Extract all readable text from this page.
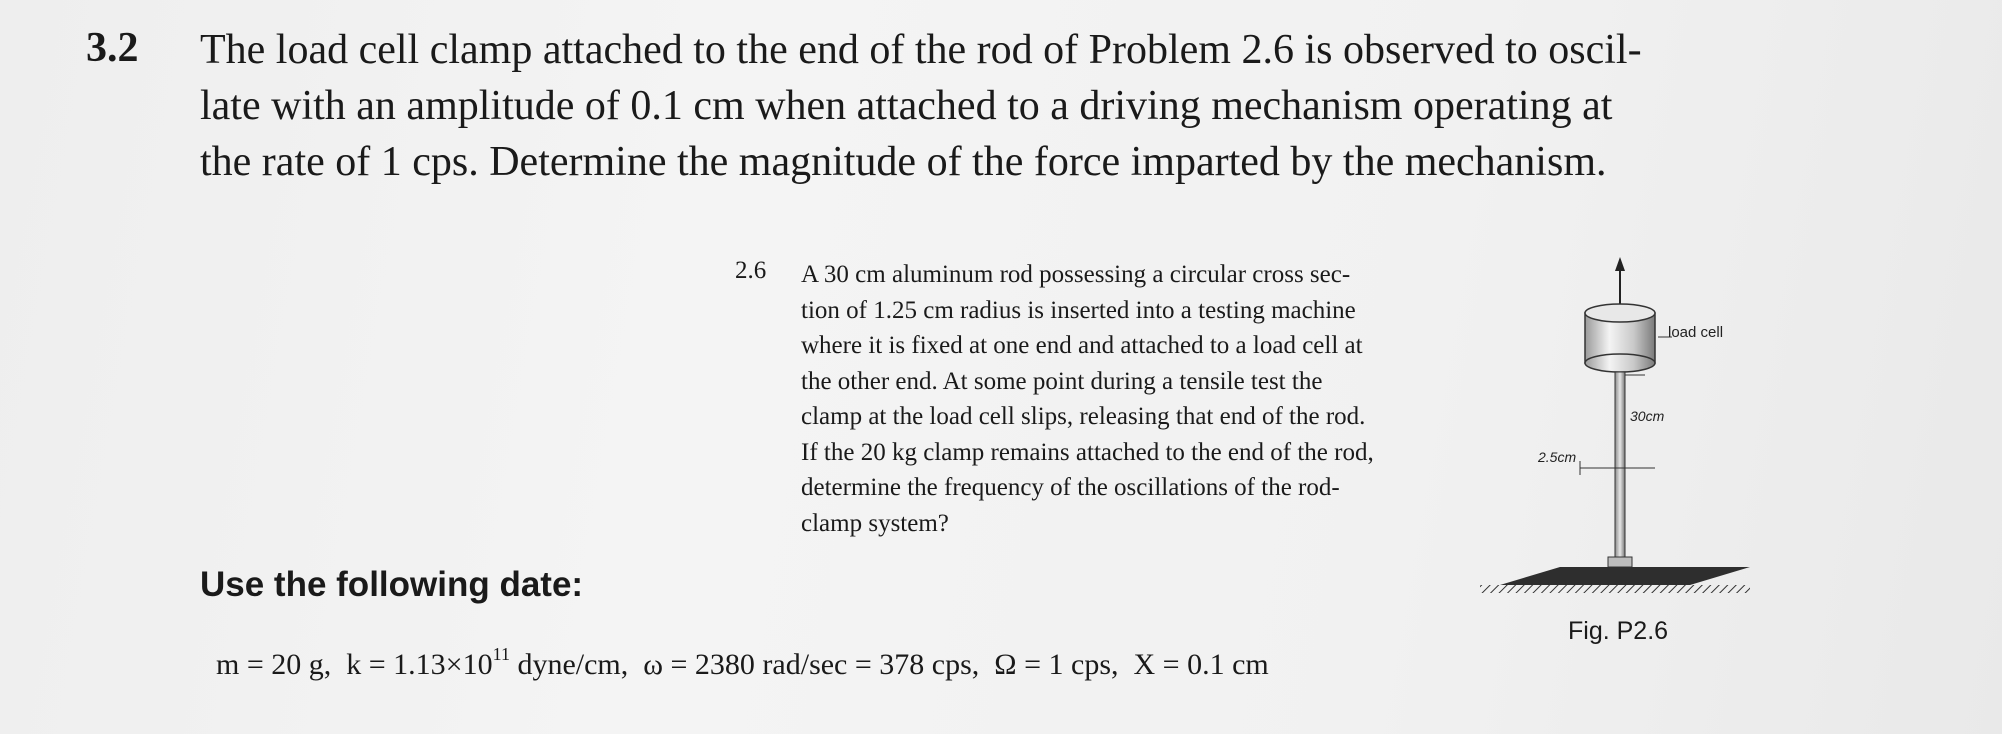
3.2 The load cell clamp attached to the end of the rod of Problem 2.6 is observed to oscil-
late with an amplitude of 0.1 cm when attached to a driving mechanism operating at
the rate of 1 cps. Determine the magnitude of the force imparted by the mechanism.
2.6 A 30 cm aluminum rod possessing a circular cross sec-
tion of 1.25 cm radius is inserted into a testing machine
where it is fixed at one end and attached to a load cell at
the other end. At some point during a tensile test the
clamp at the load cell slips, releasing that end of the rod.
If the 20 kg clamp remains attached to the end of the rod,
determine the frequency of the oscillations of the rod-
clamp system?
load cell
30cm
2.5cm
Fig. P2.6
Use the following date:
m = 20 g, $k = 1.13\times 10^{11}$ dyne/cm, ω = 2380 rad/sec = 378 cps, Ω = 1 cps, X = 0.1 cm
